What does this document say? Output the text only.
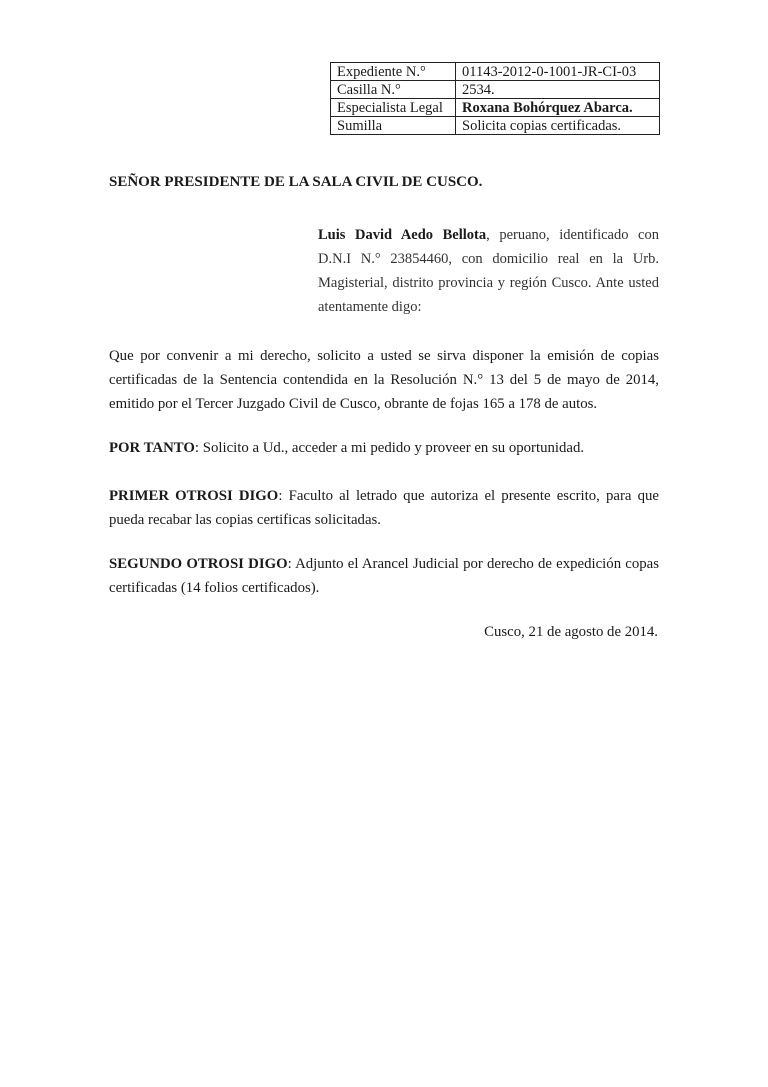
Expediente N.°	01143-2012-0-1001-JR-CI-03
Casilla N.°	2534.
Especialista Legal	Roxana Bohórquez Abarca.
Sumilla	Solicita copias certificadas.
SEÑOR PRESIDENTE DE LA SALA CIVIL DE CUSCO.
Luis David Aedo Bellota, peruano, identificado con D.N.I N.° 23854460, con domicilio real en la Urb. Magisterial, distrito provincia y región Cusco. Ante usted atentamente digo:
Que por convenir a mi derecho, solicito a usted se sirva disponer la emisión de copias certificadas de la Sentencia contendida en la Resolución N.° 13 del 5 de mayo de 2014, emitido por el Tercer Juzgado Civil de Cusco, obrante de fojas 165 a 178 de autos.
POR TANTO: Solicito a Ud., acceder a mi pedido y proveer en su oportunidad.
PRIMER OTROSI DIGO: Faculto al letrado que autoriza el presente escrito, para que pueda recabar las copias certificas solicitadas.
SEGUNDO OTROSI DIGO: Adjunto el Arancel Judicial por derecho de expedición copas certificadas (14 folios certificados).
Cusco, 21 de agosto de 2014.
